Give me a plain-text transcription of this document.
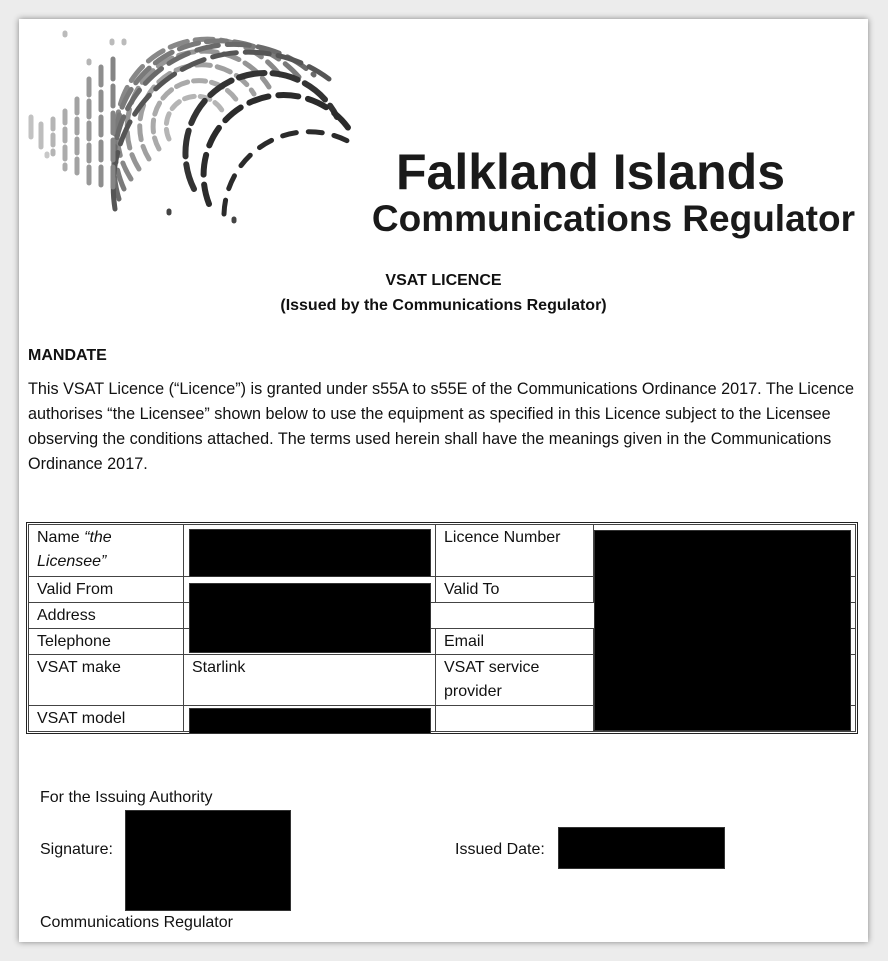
Falkland Islands
Communications Regulator
VSAT LICENCE
(Issued by the Communications Regulator)
MANDATE

This VSAT Licence (“Licence”) is granted under s55A to s55E of the Communications Ordinance 2017. The Licence authorises “the Licensee” shown below to use the equipment as specified in this Licence subject to the Licensee observing the conditions attached. The terms used herein shall have the meanings given in the Communications Ordinance 2017.

Name “the Licensee”		Licence Number	
Valid From		Valid To	
Address			
Telephone		Email	
VSAT make	Starlink	VSAT service provider	
VSAT model			
For the Issuing Authority
Signature:	Issued Date:
Communications Regulator
